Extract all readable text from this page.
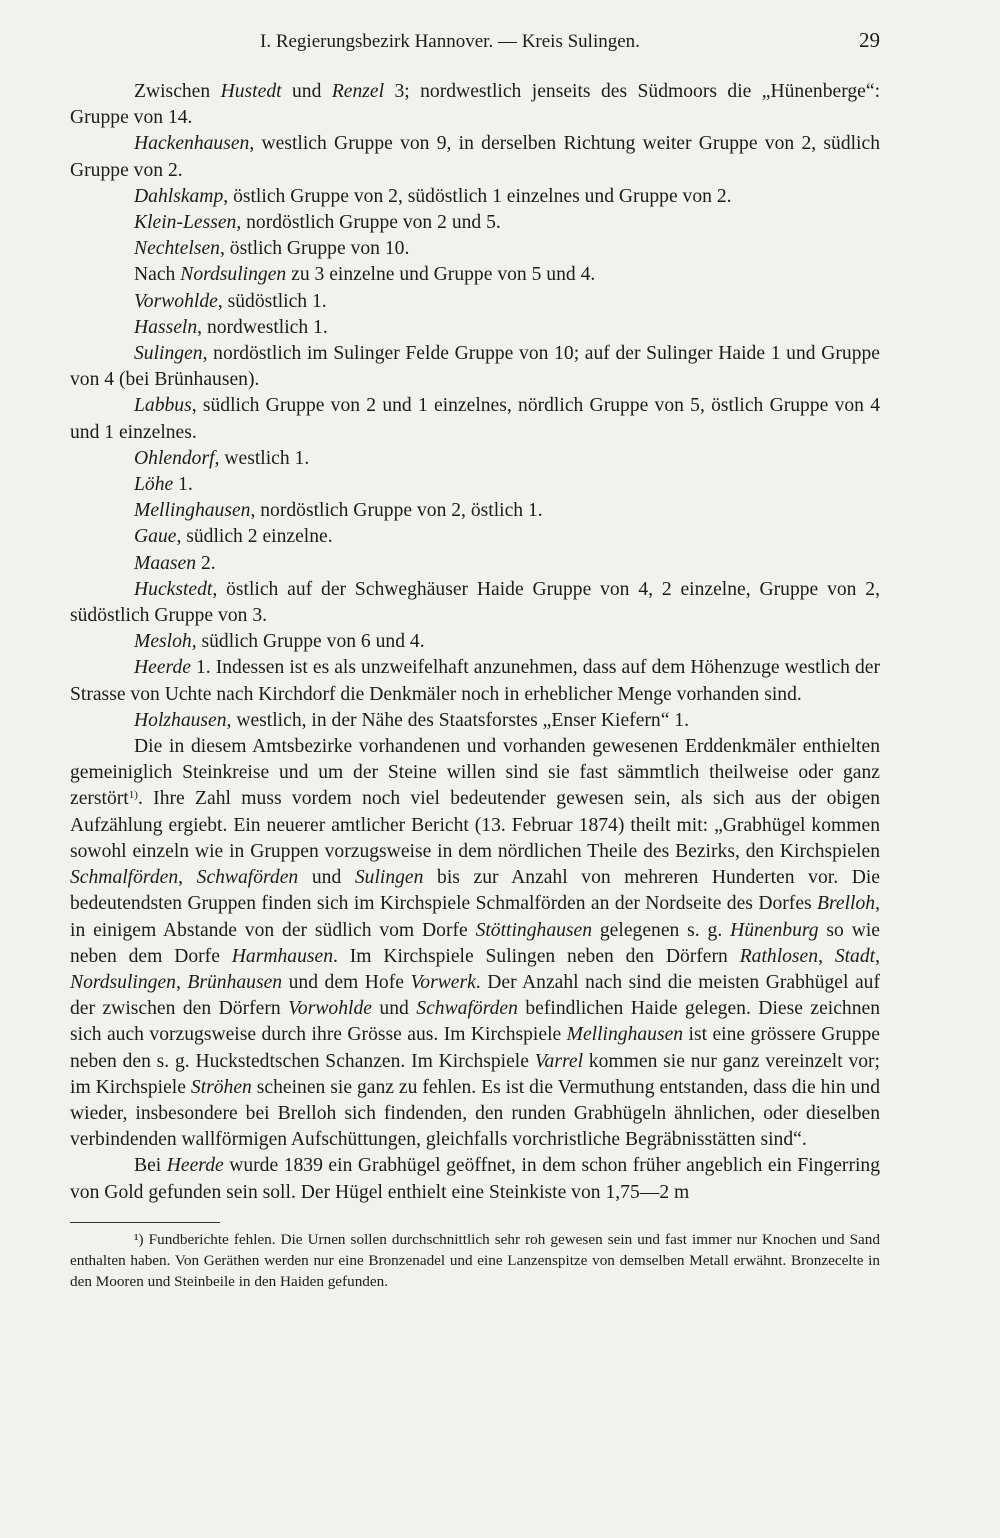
I. Regierungsbezirk Hannover. — Kreis Sulingen.	29

Zwischen Hustedt und Renzel 3; nordwestlich jenseits des Südmoors die „Hünenberge“: Gruppe von 14.

Hackenhausen, westlich Gruppe von 9, in derselben Richtung weiter Gruppe von 2, südlich Gruppe von 2.

Dahlskamp, östlich Gruppe von 2, südöstlich 1 einzelnes und Gruppe von 2.

Klein-Lessen, nordöstlich Gruppe von 2 und 5.

Nechtelsen, östlich Gruppe von 10.

Nach Nordsulingen zu 3 einzelne und Gruppe von 5 und 4.

Vorwohlde, südöstlich 1.

Hasseln, nordwestlich 1.

Sulingen, nordöstlich im Sulinger Felde Gruppe von 10; auf der Sulinger Haide 1 und Gruppe von 4 (bei Brünhausen).

Labbus, südlich Gruppe von 2 und 1 einzelnes, nördlich Gruppe von 5, östlich Gruppe von 4 und 1 einzelnes.

Ohlendorf, westlich 1.

Löhe 1.

Mellinghausen, nordöstlich Gruppe von 2, östlich 1.

Gaue, südlich 2 einzelne.

Maasen 2.

Huckstedt, östlich auf der Schweghäuser Haide Gruppe von 4, 2 einzelne, Gruppe von 2, südöstlich Gruppe von 3.

Mesloh, südlich Gruppe von 6 und 4.

Heerde 1. Indessen ist es als unzweifelhaft anzunehmen, dass auf dem Höhenzuge westlich der Strasse von Uchte nach Kirchdorf die Denkmäler noch in erheblicher Menge vorhanden sind.

Holzhausen, westlich, in der Nähe des Staatsforstes „Enser Kiefern“ 1.

Die in diesem Amtsbezirke vorhandenen und vorhanden gewesenen Erddenkmäler enthielten gemeiniglich Steinkreise und um der Steine willen sind sie fast sämmtlich theilweise oder ganz zerstört$^{1)}$. Ihre Zahl muss vordem noch viel bedeutender gewesen sein, als sich aus der obigen Aufzählung ergiebt. Ein neuerer amtlicher Bericht (13. Februar 1874) theilt mit: „Grabhügel kommen sowohl einzeln wie in Gruppen vorzugsweise in dem nördlichen Theile des Bezirks, den Kirchspielen Schmalförden, Schwaförden und Sulingen bis zur Anzahl von mehreren Hunderten vor. Die bedeutendsten Gruppen finden sich im Kirchspiele Schmalförden an der Nordseite des Dorfes Brelloh, in einigem Abstande von der südlich vom Dorfe Stöttinghausen gelegenen s. g. Hünenburg so wie neben dem Dorfe Harmhausen. Im Kirchspiele Sulingen neben den Dörfern Rathlosen, Stadt, Nordsulingen, Brünhausen und dem Hofe Vorwerk. Der Anzahl nach sind die meisten Grabhügel auf der zwischen den Dörfern Vorwohlde und Schwaförden befindlichen Haide gelegen. Diese zeichnen sich auch vorzugsweise durch ihre Grösse aus. Im Kirchspiele Mellinghausen ist eine grössere Gruppe neben den s. g. Huckstedtschen Schanzen. Im Kirchspiele Varrel kommen sie nur ganz vereinzelt vor; im Kirchspiele Ströhen scheinen sie ganz zu fehlen. Es ist die Vermuthung entstanden, dass die hin und wieder, insbesondere bei Brelloh sich findenden, den runden Grabhügeln ähnlichen, oder dieselben verbindenden wallförmigen Aufschüttungen, gleichfalls vorchristliche Begräbnisstätten sind“.

Bei Heerde wurde 1839 ein Grabhügel geöffnet, in dem schon früher angeblich ein Fingerring von Gold gefunden sein soll. Der Hügel enthielt eine Steinkiste von 1,75—2 m

¹) Fundberichte fehlen. Die Urnen sollen durchschnittlich sehr roh gewesen sein und fast immer nur Knochen und Sand enthalten haben. Von Geräthen werden nur eine Bronzenadel und eine Lanzenspitze von demselben Metall erwähnt. Bronzecelte in den Mooren und Steinbeile in den Haiden gefunden.
